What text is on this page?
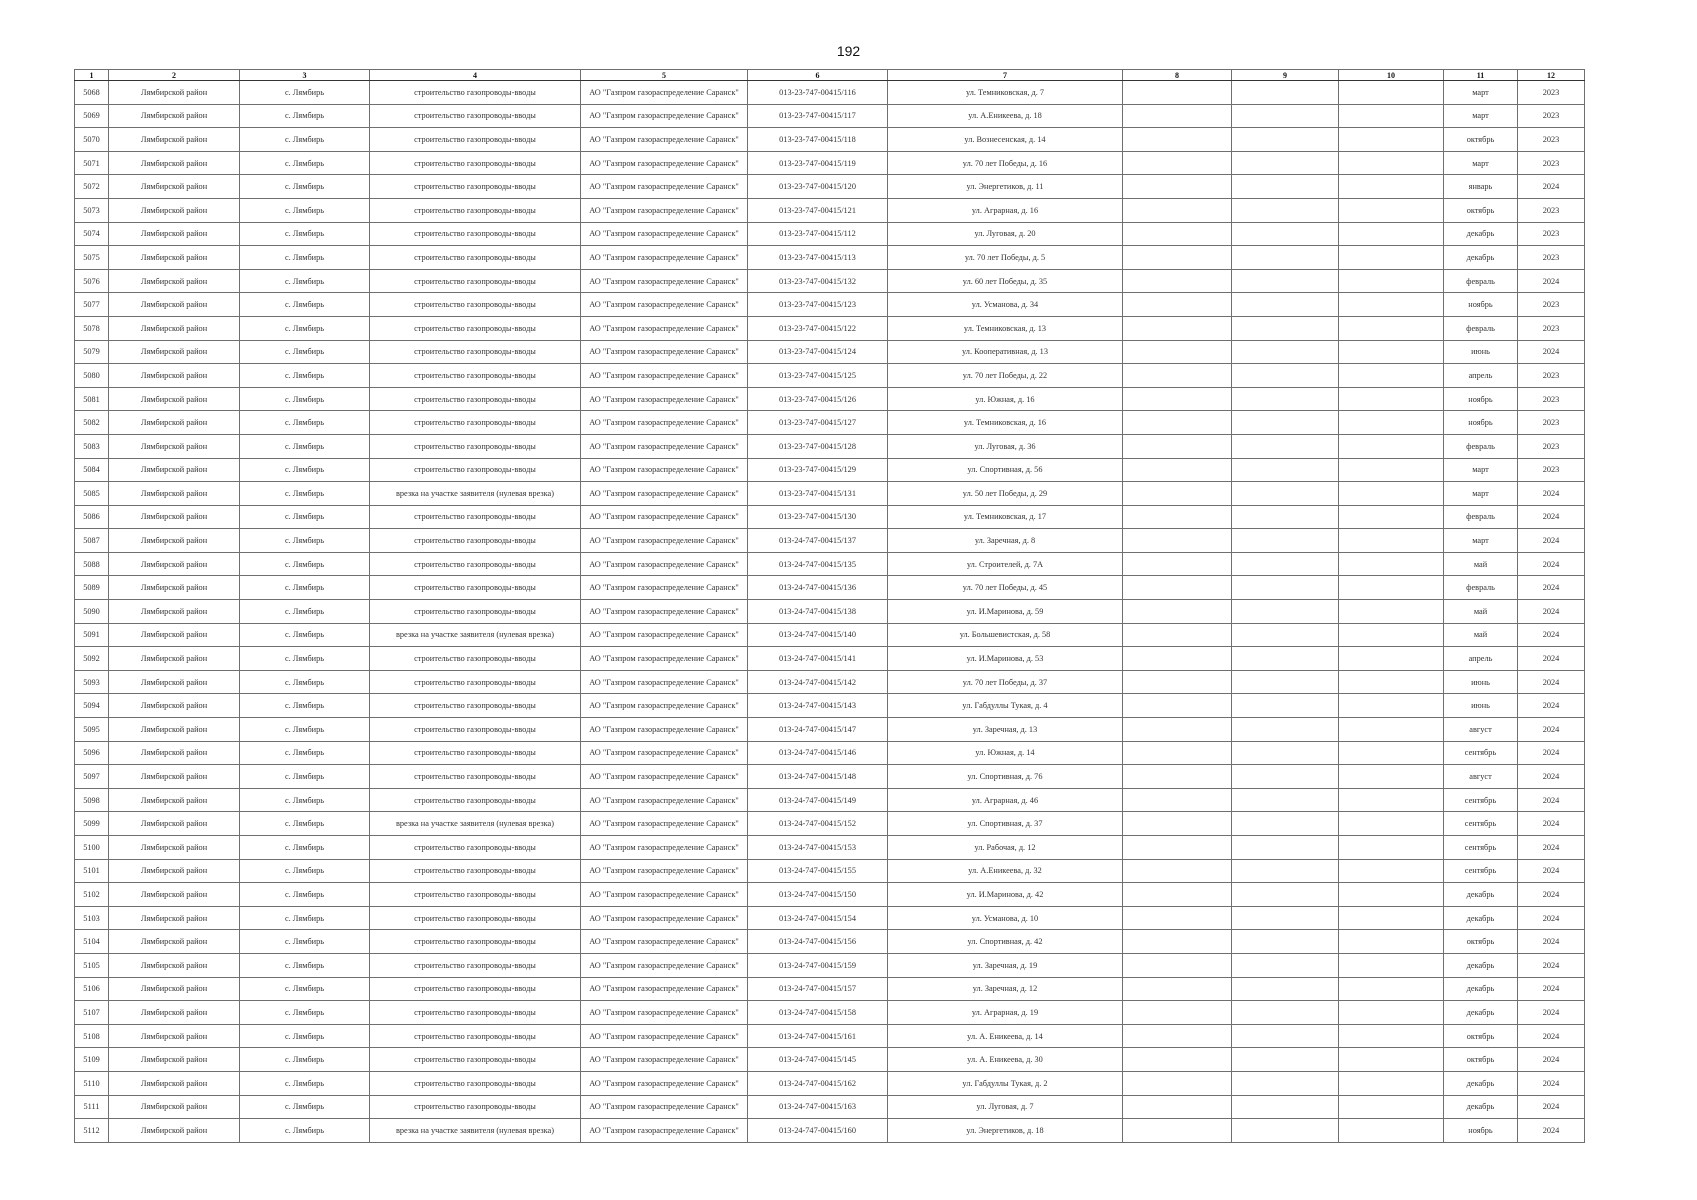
192
1	2	3	4	5	6	7	8	9	10	11	12
5068	Лямбирской район	с. Лямбирь	строительство газопроводы-вводы	АО "Газпром газораспределение Саранск"	013-23-747-00415/116	ул. Темниковская, д. 7				март	2023
5069	Лямбирской район	с. Лямбирь	строительство газопроводы-вводы	АО "Газпром газораспределение Саранск"	013-23-747-00415/117	ул. А.Еникеева, д. 18				март	2023
5070	Лямбирской район	с. Лямбирь	строительство газопроводы-вводы	АО "Газпром газораспределение Саранск"	013-23-747-00415/118	ул. Вознесенская, д. 14				октябрь	2023
5071	Лямбирской район	с. Лямбирь	строительство газопроводы-вводы	АО "Газпром газораспределение Саранск"	013-23-747-00415/119	ул. 70 лет Победы, д. 16				март	2023
5072	Лямбирской район	с. Лямбирь	строительство газопроводы-вводы	АО "Газпром газораспределение Саранск"	013-23-747-00415/120	ул. Энергетиков, д. 11				январь	2024
5073	Лямбирской район	с. Лямбирь	строительство газопроводы-вводы	АО "Газпром газораспределение Саранск"	013-23-747-00415/121	ул. Аграрная, д. 16				октябрь	2023
5074	Лямбирской район	с. Лямбирь	строительство газопроводы-вводы	АО "Газпром газораспределение Саранск"	013-23-747-00415/112	ул. Луговая, д. 20				декабрь	2023
5075	Лямбирской район	с. Лямбирь	строительство газопроводы-вводы	АО "Газпром газораспределение Саранск"	013-23-747-00415/113	ул. 70 лет Победы, д. 5				декабрь	2023
5076	Лямбирской район	с. Лямбирь	строительство газопроводы-вводы	АО "Газпром газораспределение Саранск"	013-23-747-00415/132	ул. 60 лет Победы, д. 35				февраль	2024
5077	Лямбирской район	с. Лямбирь	строительство газопроводы-вводы	АО "Газпром газораспределение Саранск"	013-23-747-00415/123	ул. Усманова, д. 34				ноябрь	2023
5078	Лямбирской район	с. Лямбирь	строительство газопроводы-вводы	АО "Газпром газораспределение Саранск"	013-23-747-00415/122	ул. Темниковская, д. 13				февраль	2023
5079	Лямбирской район	с. Лямбирь	строительство газопроводы-вводы	АО "Газпром газораспределение Саранск"	013-23-747-00415/124	ул. Кооперативная, д. 13				июнь	2024
5080	Лямбирской район	с. Лямбирь	строительство газопроводы-вводы	АО "Газпром газораспределение Саранск"	013-23-747-00415/125	ул. 70 лет Победы, д. 22				апрель	2023
5081	Лямбирской район	с. Лямбирь	строительство газопроводы-вводы	АО "Газпром газораспределение Саранск"	013-23-747-00415/126	ул. Южная, д. 16				ноябрь	2023
5082	Лямбирской район	с. Лямбирь	строительство газопроводы-вводы	АО "Газпром газораспределение Саранск"	013-23-747-00415/127	ул. Темниковская, д. 16				ноябрь	2023
5083	Лямбирской район	с. Лямбирь	строительство газопроводы-вводы	АО "Газпром газораспределение Саранск"	013-23-747-00415/128	ул. Луговая, д. 36				февраль	2023
5084	Лямбирской район	с. Лямбирь	строительство газопроводы-вводы	АО "Газпром газораспределение Саранск"	013-23-747-00415/129	ул. Спортивная, д. 56				март	2023
5085	Лямбирской район	с. Лямбирь	врезка на участке заявителя (нулевая врезка)	АО "Газпром газораспределение Саранск"	013-23-747-00415/131	ул. 50 лет Победы, д. 29				март	2024
5086	Лямбирской район	с. Лямбирь	строительство газопроводы-вводы	АО "Газпром газораспределение Саранск"	013-23-747-00415/130	ул. Темниковская, д. 17				февраль	2024
5087	Лямбирской район	с. Лямбирь	строительство газопроводы-вводы	АО "Газпром газораспределение Саранск"	013-24-747-00415/137	ул. Заречная, д. 8				март	2024
5088	Лямбирской район	с. Лямбирь	строительство газопроводы-вводы	АО "Газпром газораспределение Саранск"	013-24-747-00415/135	ул. Строителей, д. 7А				май	2024
5089	Лямбирской район	с. Лямбирь	строительство газопроводы-вводы	АО "Газпром газораспределение Саранск"	013-24-747-00415/136	ул. 70 лет Победы, д. 45				февраль	2024
5090	Лямбирской район	с. Лямбирь	строительство газопроводы-вводы	АО "Газпром газораспределение Саранск"	013-24-747-00415/138	ул. И.Маринова, д. 59				май	2024
5091	Лямбирской район	с. Лямбирь	врезка на участке заявителя (нулевая врезка)	АО "Газпром газораспределение Саранск"	013-24-747-00415/140	ул. Большевистская, д. 58				май	2024
5092	Лямбирской район	с. Лямбирь	строительство газопроводы-вводы	АО "Газпром газораспределение Саранск"	013-24-747-00415/141	ул. И.Маринова, д. 53				апрель	2024
5093	Лямбирской район	с. Лямбирь	строительство газопроводы-вводы	АО "Газпром газораспределение Саранск"	013-24-747-00415/142	ул. 70 лет Победы, д. 37				июнь	2024
5094	Лямбирской район	с. Лямбирь	строительство газопроводы-вводы	АО "Газпром газораспределение Саранск"	013-24-747-00415/143	ул. Габдуллы Тукая, д. 4				июнь	2024
5095	Лямбирской район	с. Лямбирь	строительство газопроводы-вводы	АО "Газпром газораспределение Саранск"	013-24-747-00415/147	ул. Заречная, д. 13				август	2024
5096	Лямбирской район	с. Лямбирь	строительство газопроводы-вводы	АО "Газпром газораспределение Саранск"	013-24-747-00415/146	ул. Южная, д. 14				сентябрь	2024
5097	Лямбирской район	с. Лямбирь	строительство газопроводы-вводы	АО "Газпром газораспределение Саранск"	013-24-747-00415/148	ул. Спортивная, д. 76				август	2024
5098	Лямбирской район	с. Лямбирь	строительство газопроводы-вводы	АО "Газпром газораспределение Саранск"	013-24-747-00415/149	ул. Аграрная, д. 46				сентябрь	2024
5099	Лямбирской район	с. Лямбирь	врезка на участке заявителя (нулевая врезка)	АО "Газпром газораспределение Саранск"	013-24-747-00415/152	ул. Спортивная, д. 37				сентябрь	2024
5100	Лямбирской район	с. Лямбирь	строительство газопроводы-вводы	АО "Газпром газораспределение Саранск"	013-24-747-00415/153	ул. Рабочая, д. 12				сентябрь	2024
5101	Лямбирской район	с. Лямбирь	строительство газопроводы-вводы	АО "Газпром газораспределение Саранск"	013-24-747-00415/155	ул. А.Еникеева, д. 32				сентябрь	2024
5102	Лямбирской район	с. Лямбирь	строительство газопроводы-вводы	АО "Газпром газораспределение Саранск"	013-24-747-00415/150	ул. И.Маринова, д. 42				декабрь	2024
5103	Лямбирской район	с. Лямбирь	строительство газопроводы-вводы	АО "Газпром газораспределение Саранск"	013-24-747-00415/154	ул. Усманова, д. 10				декабрь	2024
5104	Лямбирской район	с. Лямбирь	строительство газопроводы-вводы	АО "Газпром газораспределение Саранск"	013-24-747-00415/156	ул. Спортивная, д. 42				октябрь	2024
5105	Лямбирской район	с. Лямбирь	строительство газопроводы-вводы	АО "Газпром газораспределение Саранск"	013-24-747-00415/159	ул. Заречная, д. 19				декабрь	2024
5106	Лямбирской район	с. Лямбирь	строительство газопроводы-вводы	АО "Газпром газораспределение Саранск"	013-24-747-00415/157	ул. Заречная, д. 12				декабрь	2024
5107	Лямбирской район	с. Лямбирь	строительство газопроводы-вводы	АО "Газпром газораспределение Саранск"	013-24-747-00415/158	ул. Аграрная, д. 19				декабрь	2024
5108	Лямбирской район	с. Лямбирь	строительство газопроводы-вводы	АО "Газпром газораспределение Саранск"	013-24-747-00415/161	ул. А. Еникеева, д. 14				октябрь	2024
5109	Лямбирской район	с. Лямбирь	строительство газопроводы-вводы	АО "Газпром газораспределение Саранск"	013-24-747-00415/145	ул. А. Еникеева, д. 30				октябрь	2024
5110	Лямбирской район	с. Лямбирь	строительство газопроводы-вводы	АО "Газпром газораспределение Саранск"	013-24-747-00415/162	ул. Габдуллы Тукая, д. 2				декабрь	2024
5111	Лямбирской район	с. Лямбирь	строительство газопроводы-вводы	АО "Газпром газораспределение Саранск"	013-24-747-00415/163	ул. Луговая, д. 7				декабрь	2024
5112	Лямбирской район	с. Лямбирь	врезка на участке заявителя (нулевая врезка)	АО "Газпром газораспределение Саранск"	013-24-747-00415/160	ул. Энергетиков, д. 18				ноябрь	2024
